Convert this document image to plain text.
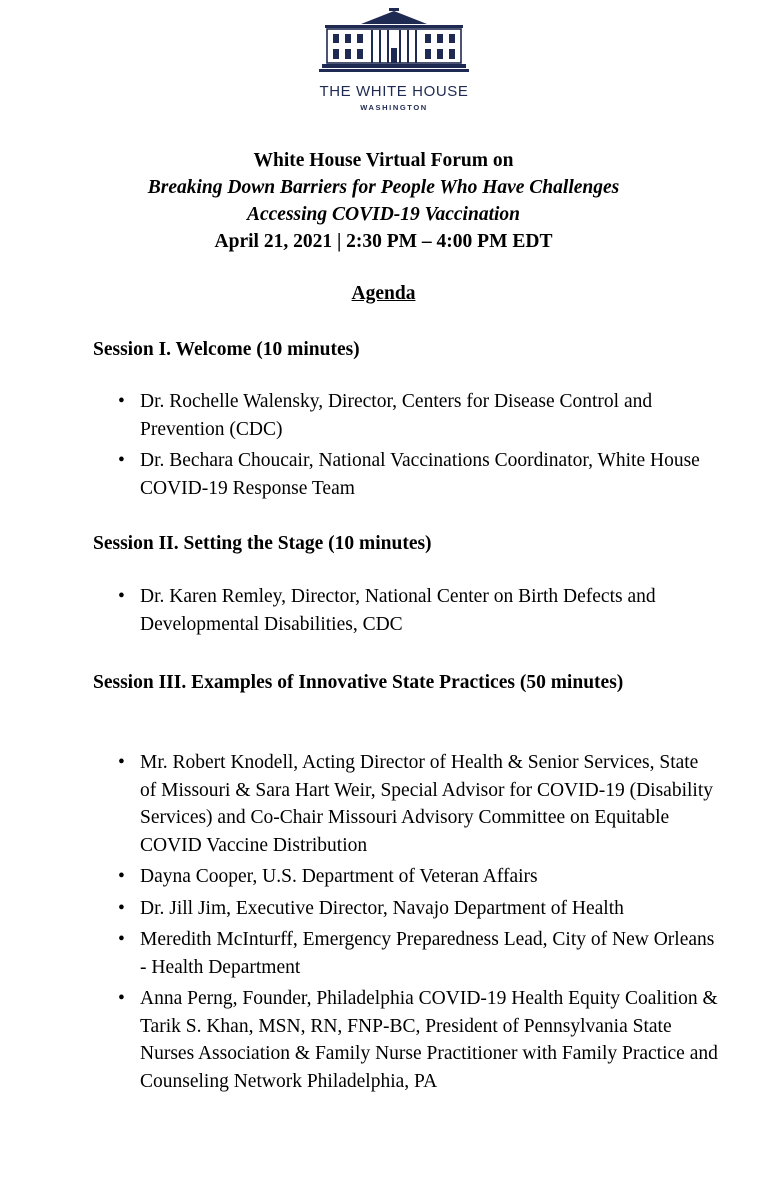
THE WHITE HOUSE
WASHINGTON
White House Virtual Forum on
Breaking Down Barriers for People Who Have Challenges
Accessing COVID-19 Vaccination
April 21, 2021 | 2:30 PM – 4:00 PM EDT
Agenda
Session I. Welcome (10 minutes)
• Dr. Rochelle Walensky, Director, Centers for Disease Control and Prevention (CDC)
• Dr. Bechara Choucair, National Vaccinations Coordinator, White House COVID-19 Response Team
Session II. Setting the Stage (10 minutes)
• Dr. Karen Remley, Director, National Center on Birth Defects and Developmental Disabilities, CDC
Session III. Examples of Innovative State Practices (50 minutes)
• Mr. Robert Knodell, Acting Director of Health & Senior Services, State of Missouri & Sara Hart Weir, Special Advisor for COVID-19 (Disability Services) and Co-Chair Missouri Advisory Committee on Equitable COVID Vaccine Distribution
• Dayna Cooper, U.S. Department of Veteran Affairs
• Dr. Jill Jim, Executive Director, Navajo Department of Health
• Meredith McInturff, Emergency Preparedness Lead, City of New Orleans - Health Department
• Anna Perng, Founder, Philadelphia COVID-19 Health Equity Coalition & Tarik S. Khan, MSN, RN, FNP-BC, President of Pennsylvania State Nurses Association & Family Nurse Practitioner with Family Practice and Counseling Network Philadelphia, PA
